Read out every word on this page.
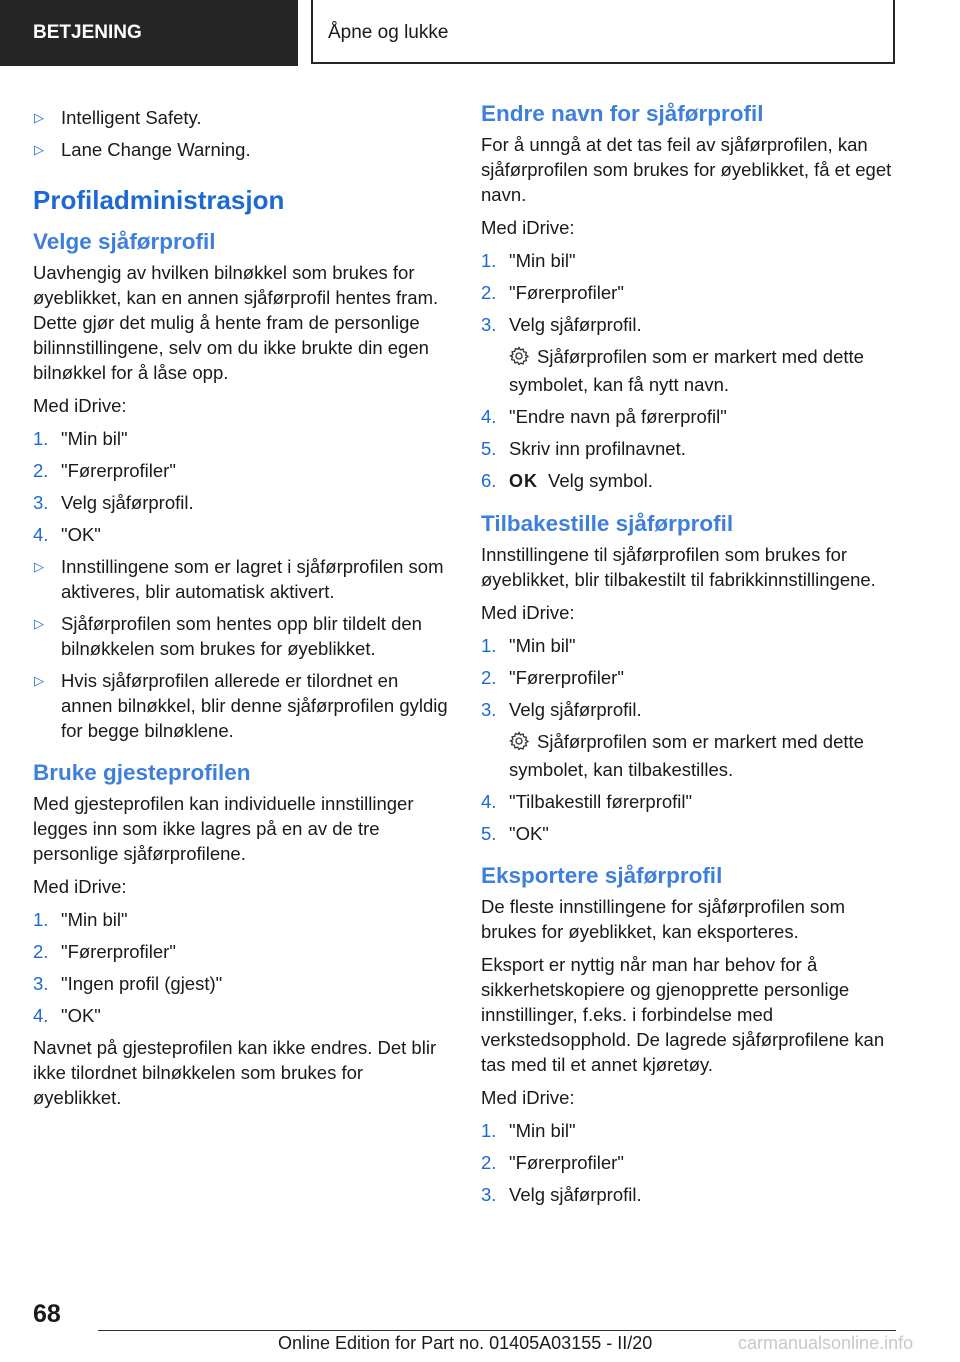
BETJENING	Åpne og lukke
▷ Intelligent Safety.
▷ Lane Change Warning.
Profiladministrasjon
Velge sjåførprofil

Uavhengig av hvilken bilnøkkel som brukes for øyeblikket, kan en annen sjåførprofil hentes fram. Dette gjør det mulig å hente fram de personlige bilinnstillingene, selv om du ikke brukte din egen bilnøkkel for å låse opp.

Med iDrive:

1. "Min bil"
2. "Førerprofiler"
3. Velg sjåførprofil.
4. "OK"
▷ Innstillingene som er lagret i sjåførprofilen som aktiveres, blir automatisk aktivert.
▷ Sjåførprofilen som hentes opp blir tildelt den bilnøkkelen som brukes for øyeblikket.
▷ Hvis sjåførprofilen allerede er tilordnet en annen bilnøkkel, blir denne sjåførprofilen gyldig for begge bilnøklene.
Bruke gjesteprofilen

Med gjesteprofilen kan individuelle innstillinger legges inn som ikke lagres på en av de tre personlige sjåførprofilene.

Med iDrive:

1. "Min bil"
2. "Førerprofiler"
3. "Ingen profil (gjest)"
4. "OK"

Navnet på gjesteprofilen kan ikke endres. Det blir ikke tilordnet bilnøkkelen som brukes for øyeblikket.

Endre navn for sjåførprofil

For å unngå at det tas feil av sjåførprofilen, kan sjåførprofilen som brukes for øyeblikket, få et eget navn.

Med iDrive:

1. "Min bil"
2. "Førerprofiler"
3. Velg sjåførprofil.
Sjåførprofilen som er markert med dette symbolet, kan få nytt navn.
4. "Endre navn på førerprofil"
5. Skriv inn profilnavnet.
6. OK Velg symbol.
Tilbakestille sjåførprofil

Innstillingene til sjåførprofilen som brukes for øyeblikket, blir tilbakestilt til fabrikkinnstillingene.

Med iDrive:

1. "Min bil"
2. "Førerprofiler"
3. Velg sjåførprofil.
Sjåførprofilen som er markert med dette symbolet, kan tilbakestilles.
4. "Tilbakestill førerprofil"
5. "OK"
Eksportere sjåførprofil

De fleste innstillingene for sjåførprofilen som brukes for øyeblikket, kan eksporteres.

Eksport er nyttig når man har behov for å sikkerhetskopiere og gjenopprette personlige innstillinger, f.eks. i forbindelse med verkstedsopphold. De lagrede sjåførprofilene kan tas med til et annet kjøretøy.

Med iDrive:

1. "Min bil"
2. "Førerprofiler"
3. Velg sjåførprofil.
68
Online Edition for Part no. 01405A03155 - II/20	carmanualsonline.info
